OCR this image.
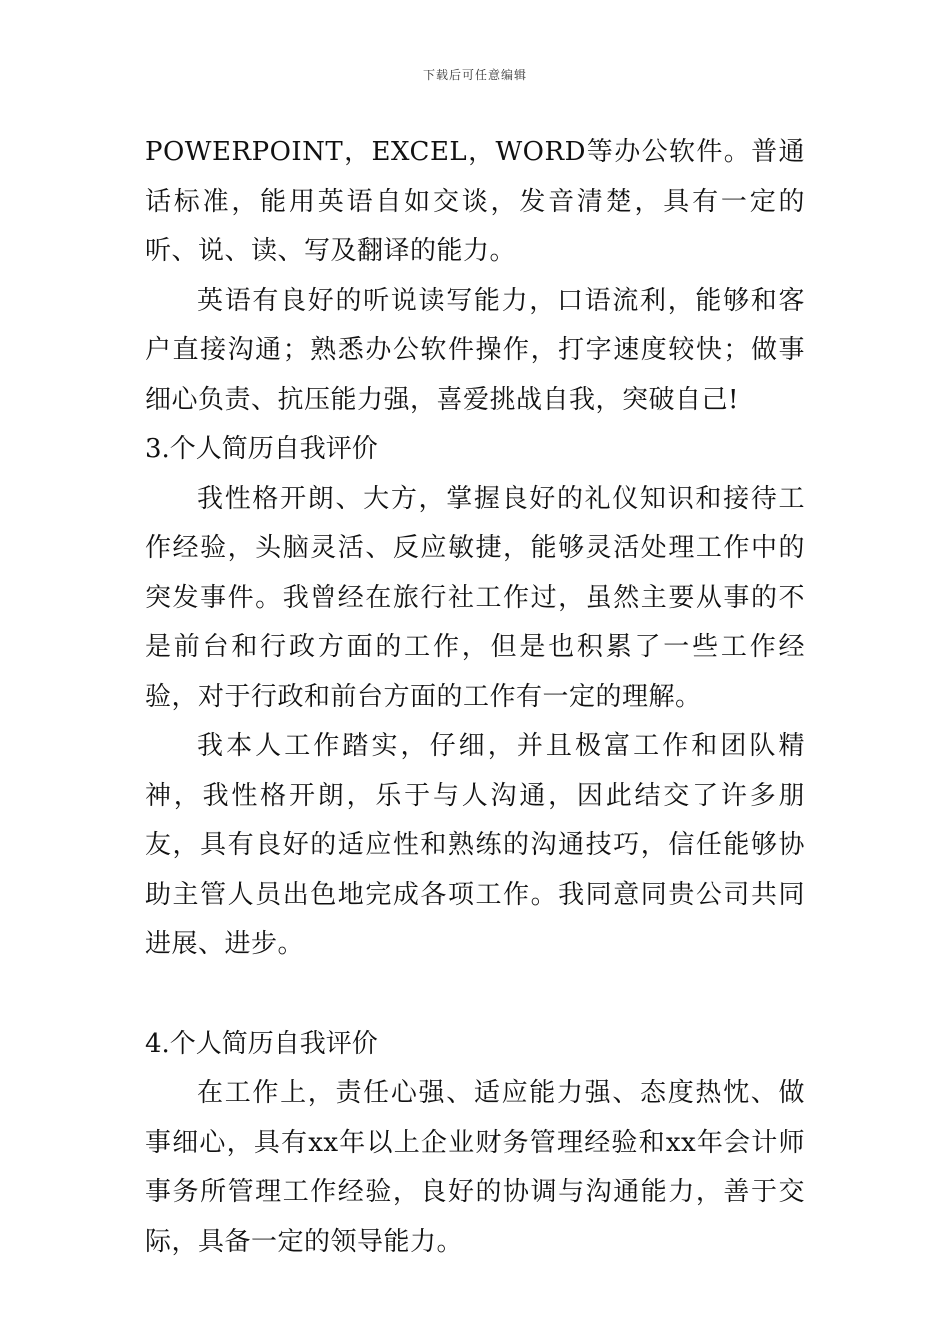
下载后可任意编辑

POWERPOINT，EXCEL，WORD等办公软件。普通话标准，能用英语自如交谈，发音清楚，具有一定的听、说、读、写及翻译的能力。

英语有良好的听说读写能力，口语流利，能够和客户直接沟通；熟悉办公软件操作，打字速度较快；做事细心负责、抗压能力强，喜爱挑战自我，突破自己!

3.个人简历自我评价

我性格开朗、大方，掌握良好的礼仪知识和接待工作经验，头脑灵活、反应敏捷，能够灵活处理工作中的突发事件。我曾经在旅行社工作过，虽然主要从事的不是前台和行政方面的工作，但是也积累了一些工作经验，对于行政和前台方面的工作有一定的理解。

我本人工作踏实，仔细，并且极富工作和团队精神，我性格开朗，乐于与人沟通，因此结交了许多朋友，具有良好的适应性和熟练的沟通技巧，信任能够协助主管人员出色地完成各项工作。我同意同贵公司共同进展、进步。

4.个人简历自我评价

在工作上，责任心强、适应能力强、态度热忱、做事细心，具有xx年以上企业财务管理经验和xx年会计师事务所管理工作经验，良好的协调与沟通能力，善于交际，具备一定的领导能力。
